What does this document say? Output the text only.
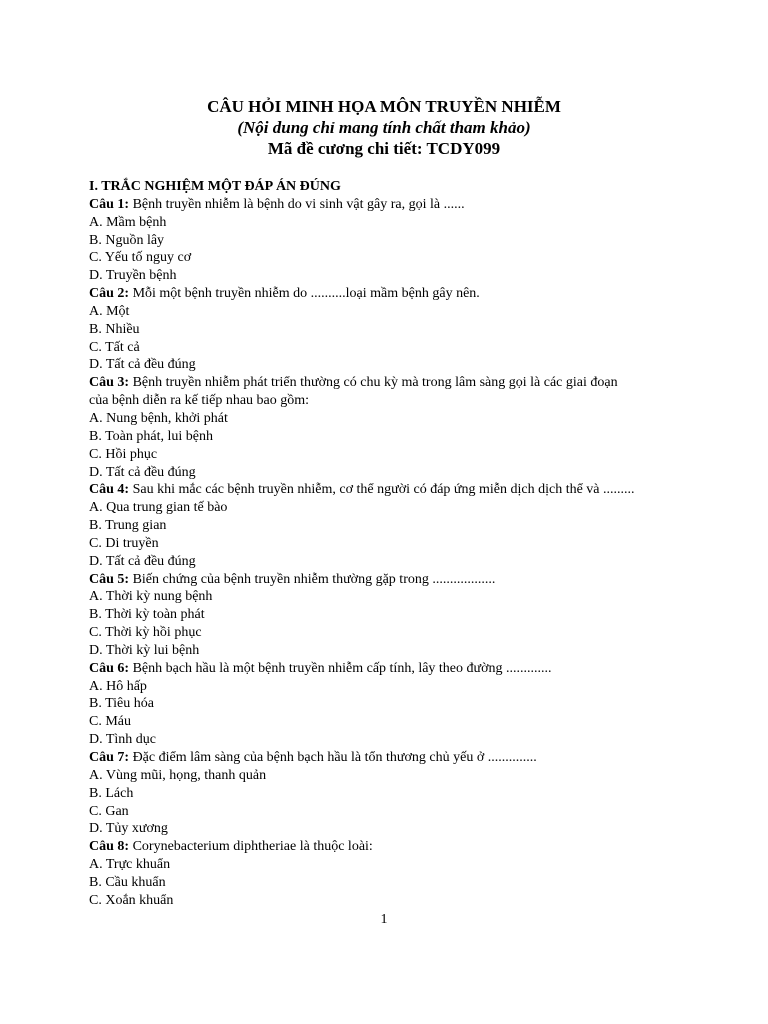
CÂU HỎI MINH HỌA MÔN TRUYỀN NHIỄM
(Nội dung chỉ mang tính chất tham khảo)
Mã đề cương chi tiết: TCDY099
I. TRẮC NGHIỆM MỘT ĐÁP ÁN ĐÚNG
Câu 1: Bệnh truyền nhiễm là bệnh do vi sinh vật gây ra, gọi là ......
A. Mầm bệnh
B. Nguồn lây
C. Yếu tố nguy cơ
D. Truyền bệnh
Câu 2: Mỗi một bệnh truyền nhiễm do ..........loại mầm bệnh gây nên.
A. Một
B. Nhiều
C. Tất cả
D. Tất cả đều đúng
Câu 3: Bệnh truyền nhiễm phát triển thường có chu kỳ mà trong lâm sàng gọi là các giai đoạn
của bệnh diễn ra kế tiếp nhau bao gồm:
A. Nung bệnh, khởi phát
B. Toàn phát, lui bệnh
C. Hồi phục
D. Tất cả đều đúng
Câu 4: Sau khi mắc các bệnh truyền nhiễm, cơ thể người có đáp ứng miễn dịch dịch thể và .........
A. Qua trung gian tế bào
B. Trung gian
C. Di truyền
D. Tất cả đều đúng
Câu 5: Biến chứng của bệnh truyền nhiễm thường gặp trong ..................
A. Thời kỳ nung bệnh
B. Thời kỳ toàn phát
C. Thời kỳ hồi phục
D. Thời kỳ lui bệnh
Câu 6: Bệnh bạch hầu là một bệnh truyền nhiễm cấp tính, lây theo đường .............
A. Hô hấp
B. Tiêu hóa
C. Máu
D. Tình dục
Câu 7: Đặc điểm lâm sàng của bệnh bạch hầu là tổn thương chủ yếu ở ..............
A. Vùng mũi, họng, thanh quản
B. Lách
C. Gan
D. Tủy xương
Câu 8: Corynebacterium diphtheriae là thuộc loài:
A. Trực khuẩn
B. Cầu khuẩn
C. Xoắn khuẩn
1
